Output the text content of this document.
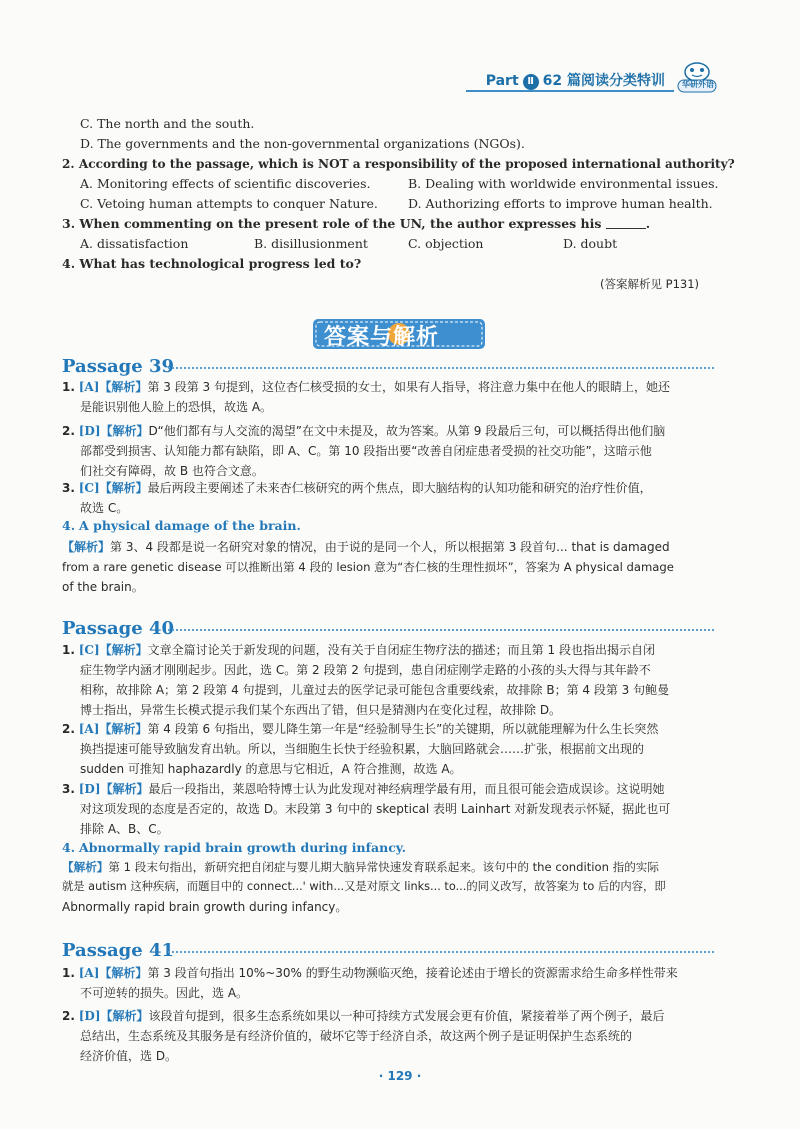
Part Ⅱ 62 篇阅读分类特训	华研外语
C. The north and the south.
D. The governments and the non-governmental organizations (NGOs).
2. According to the passage, which is NOT a responsibility of the proposed international authority?
A. Monitoring effects of scientific discoveries.	B. Dealing with worldwide environmental issues.
C. Vetoing human attempts to conquer Nature. D. Authorizing efforts to improve human health.
3. When commenting on the present role of the UN, the author expresses his	.
A. dissatisfaction	B. disillusionment	C. objection	D. doubt
4. What has technological progress led to?
(答案解析见 P131)
答案与解析
Passage 39
1. [A]【解析】第 3 段第 3 句提到，这位杏仁核受损的女士，如果有人指导，将注意力集中在他人的眼睛上，她还
是能识别他人脸上的恐惧，故选 A。
2. [D]【解析】D“他们都有与人交流的渴望”在文中未提及，故为答案。从第 9 段最后三句，可以概括得出他们脑
部都受到损害、认知能力都有缺陷，即 A、C。第 10 段指出要“改善自闭症患者受损的社交功能”，这暗示他
们社交有障碍，故 B 也符合文意。
3. [C]【解析】最后两段主要阐述了未来杏仁核研究的两个焦点，即大脑结构的认知功能和研究的治疗性价值，
故选 C。
4. A physical damage of the brain.
【解析】第 3、4 段都是说一名研究对象的情况，由于说的是同一个人，所以根据第 3 段首句... that is damaged
from a rare genetic disease 可以推断出第 4 段的 lesion 意为“杏仁核的生理性损坏”，答案为 A physical damage
of the brain。
Passage 40
1. [C]【解析】文章全篇讨论关于新发现的问题，没有关于自闭症生物疗法的描述；而且第 1 段也指出揭示自闭
症生物学内涵才刚刚起步。因此，选 C。第 2 段第 2 句提到，患自闭症刚学走路的小孩的头大得与其年龄不
相称，故排除 A；第 2 段第 4 句提到，儿童过去的医学记录可能包含重要线索，故排除 B；第 4 段第 3 句鲍曼
博士指出，异常生长模式提示我们某个东西出了错，但只是猜测内在变化过程，故排除 D。
2. [A]【解析】第 4 段第 6 句指出，婴儿降生第一年是“经验制导生长”的关键期，所以就能理解为什么生长突然
换挡提速可能导致脑发育出轨。所以，当细胞生长快于经验积累，大脑回路就会……扩张，根据前文出现的
sudden 可推知 haphazardly 的意思与它相近，A 符合推测，故选 A。
3. [D]【解析】最后一段指出，莱恩哈特博士认为此发现对神经病理学最有用，而且很可能会造成误诊。这说明她
对这项发现的态度是否定的，故选 D。末段第 3 句中的 skeptical 表明 Lainhart 对新发现表示怀疑，据此也可
排除 A、B、C。
4. Abnormally rapid brain growth during infancy.
【解析】第 1 段末句指出，新研究把自闭症与婴儿期大脑异常快速发育联系起来。该句中的 the condition 指的实际
就是 autism 这种疾病，而题目中的 connect...' with...又是对原文 links... to...的同义改写，故答案为 to 后的内容，即
Abnormally rapid brain growth during infancy。
Passage 41
1. [A]【解析】第 3 段首句指出 10%~30% 的野生动物濒临灭绝，接着论述由于增长的资源需求给生命多样性带来
不可逆转的损失。因此，选 A。
2. [D]【解析】该段首句提到，很多生态系统如果以一种可持续方式发展会更有价值，紧接着举了两个例子，最后
总结出，生态系统及其服务是有经济价值的，破坏它等于经济自杀，故这两个例子是证明保护生态系统的
经济价值，选 D。
· 129 ·
